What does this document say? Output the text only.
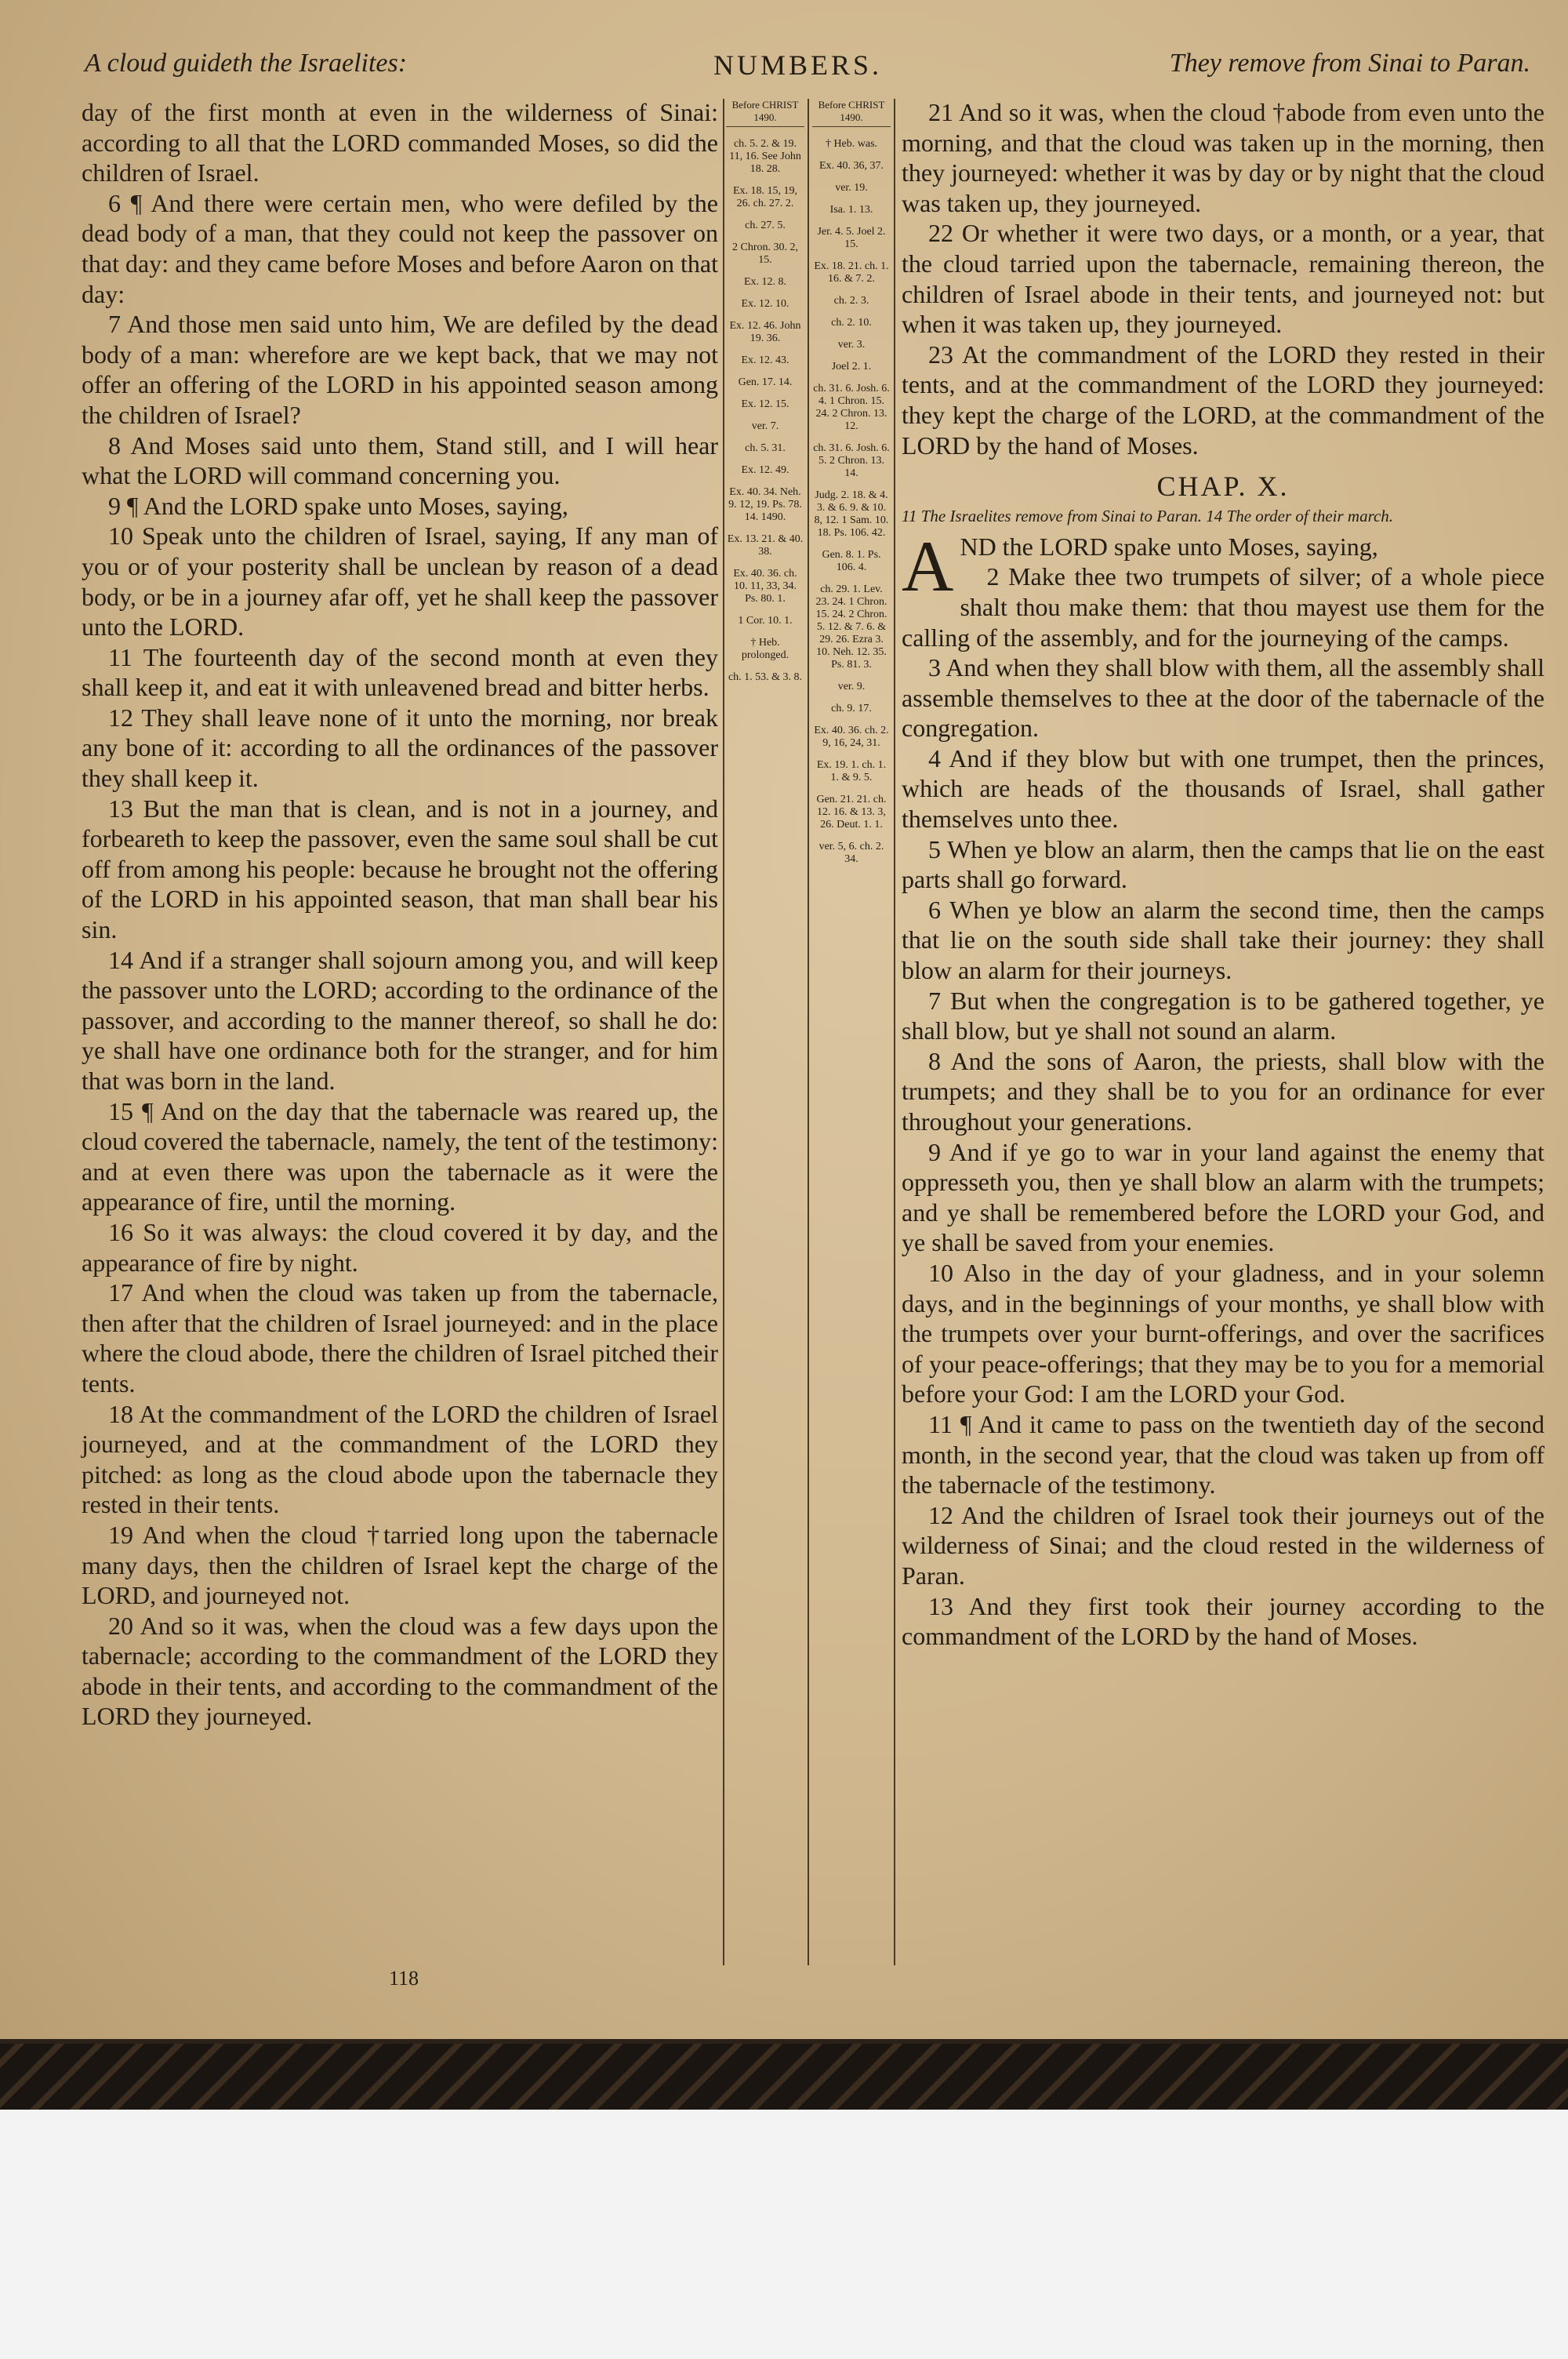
A cloud guideth the Israelites:	NUMBERS.	They remove from Sinai to Paran.

day of the first month at even in the wilderness of Sinai: according to all that the LORD commanded Moses, so did the children of Israel.

6 ¶ And there were certain men, who were defiled by the dead body of a man, that they could not keep the passover on that day: and they came before Moses and before Aaron on that day:

7 And those men said unto him, We are defiled by the dead body of a man: wherefore are we kept back, that we may not offer an offering of the LORD in his appointed season among the children of Israel?

8 And Moses said unto them, Stand still, and I will hear what the LORD will command concerning you.

9 ¶ And the LORD spake unto Moses, saying,

10 Speak unto the children of Israel, saying, If any man of you or of your posterity shall be unclean by reason of a dead body, or be in a journey afar off, yet he shall keep the passover unto the LORD.

11 The fourteenth day of the second month at even they shall keep it, and eat it with unleavened bread and bitter herbs.

12 They shall leave none of it unto the morning, nor break any bone of it: according to all the ordinances of the passover they shall keep it.

13 But the man that is clean, and is not in a journey, and forbeareth to keep the passover, even the same soul shall be cut off from among his people: because he brought not the offering of the LORD in his appointed season, that man shall bear his sin.

14 And if a stranger shall sojourn among you, and will keep the passover unto the LORD; according to the ordinance of the passover, and according to the manner thereof, so shall he do: ye shall have one ordinance both for the stranger, and for him that was born in the land.

15 ¶ And on the day that the tabernacle was reared up, the cloud covered the tabernacle, namely, the tent of the testimony: and at even there was upon the tabernacle as it were the appearance of fire, until the morning.

16 So it was always: the cloud covered it by day, and the appearance of fire by night.

17 And when the cloud was taken up from the tabernacle, then after that the children of Israel journeyed: and in the place where the cloud abode, there the children of Israel pitched their tents.

18 At the commandment of the LORD the children of Israel journeyed, and at the commandment of the LORD they pitched: as long as the cloud abode upon the tabernacle they rested in their tents.

19 And when the cloud †tarried long upon the tabernacle many days, then the children of Israel kept the charge of the LORD, and journeyed not.

20 And so it was, when the cloud was a few days upon the tabernacle; according to the commandment of the LORD they abode in their tents, and according to the commandment of the LORD they journeyed.

Before CHRIST 1490.
ch. 5. 2. & 19. 11, 16. See John 18. 28.
Ex. 18. 15, 19, 26. ch. 27. 2.
ch. 27. 5.
2 Chron. 30. 2, 15.
Ex. 12. 8.
Ex. 12. 10.
Ex. 12. 46. John 19. 36.
Ex. 12. 43.
Gen. 17. 14.
Ex. 12. 15.
ver. 7.
ch. 5. 31.
Ex. 12. 49.
Ex. 40. 34. Neh. 9. 12, 19. Ps. 78. 14. 1490.
Ex. 13. 21. & 40. 38.
Ex. 40. 36. ch. 10. 11, 33, 34. Ps. 80. 1.
1 Cor. 10. 1.
† Heb. prolonged.
ch. 1. 53. & 3. 8.
Before CHRIST 1490.
† Heb. was.
Ex. 40. 36, 37.
ver. 19.
Isa. 1. 13.
Jer. 4. 5. Joel 2. 15.
Ex. 18. 21. ch. 1. 16. & 7. 2.
ch. 2. 3.
ch. 2. 10.
ver. 3.
Joel 2. 1.
ch. 31. 6. Josh. 6. 4. 1 Chron. 15. 24. 2 Chron. 13. 12.
ch. 31. 6. Josh. 6. 5. 2 Chron. 13. 14.
Judg. 2. 18. & 4. 3. & 6. 9. & 10. 8, 12. 1 Sam. 10. 18. Ps. 106. 42.
Gen. 8. 1. Ps. 106. 4.
ch. 29. 1. Lev. 23. 24. 1 Chron. 15. 24. 2 Chron. 5. 12. & 7. 6. & 29. 26. Ezra 3. 10. Neh. 12. 35. Ps. 81. 3.
ver. 9.
ch. 9. 17.
Ex. 40. 36. ch. 2. 9, 16, 24, 31.
Ex. 19. 1. ch. 1. 1. & 9. 5.
Gen. 21. 21. ch. 12. 16. & 13. 3, 26. Deut. 1. 1.
ver. 5, 6. ch. 2. 34.

21 And so it was, when the cloud †abode from even unto the morning, and that the cloud was taken up in the morning, then they journeyed: whether it was by day or by night that the cloud was taken up, they journeyed.

22 Or whether it were two days, or a month, or a year, that the cloud tarried upon the tabernacle, remaining thereon, the children of Israel abode in their tents, and journeyed not: but when it was taken up, they journeyed.

23 At the commandment of the LORD they rested in their tents, and at the commandment of the LORD they journeyed: they kept the charge of the LORD, at the commandment of the LORD by the hand of Moses.

CHAP. X.
11 The Israelites remove from Sinai to Paran. 14 The order of their march.

AND the LORD spake unto Moses, saying,

2 Make thee two trumpets of silver; of a whole piece shalt thou make them: that thou mayest use them for the calling of the assembly, and for the journeying of the camps.

3 And when they shall blow with them, all the assembly shall assemble themselves to thee at the door of the tabernacle of the congregation.

4 And if they blow but with one trumpet, then the princes, which are heads of the thousands of Israel, shall gather themselves unto thee.

5 When ye blow an alarm, then the camps that lie on the east parts shall go forward.

6 When ye blow an alarm the second time, then the camps that lie on the south side shall take their journey: they shall blow an alarm for their journeys.

7 But when the congregation is to be gathered together, ye shall blow, but ye shall not sound an alarm.

8 And the sons of Aaron, the priests, shall blow with the trumpets; and they shall be to you for an ordinance for ever throughout your generations.

9 And if ye go to war in your land against the enemy that oppresseth you, then ye shall blow an alarm with the trumpets; and ye shall be remembered before the LORD your God, and ye shall be saved from your enemies.

10 Also in the day of your gladness, and in your solemn days, and in the beginnings of your months, ye shall blow with the trumpets over your burnt-offerings, and over the sacrifices of your peace-offerings; that they may be to you for a memorial before your God: I am the LORD your God.

11 ¶ And it came to pass on the twentieth day of the second month, in the second year, that the cloud was taken up from off the tabernacle of the testimony.

12 And the children of Israel took their journeys out of the wilderness of Sinai; and the cloud rested in the wilderness of Paran.

13 And they first took their journey according to the commandment of the LORD by the hand of Moses.

118
